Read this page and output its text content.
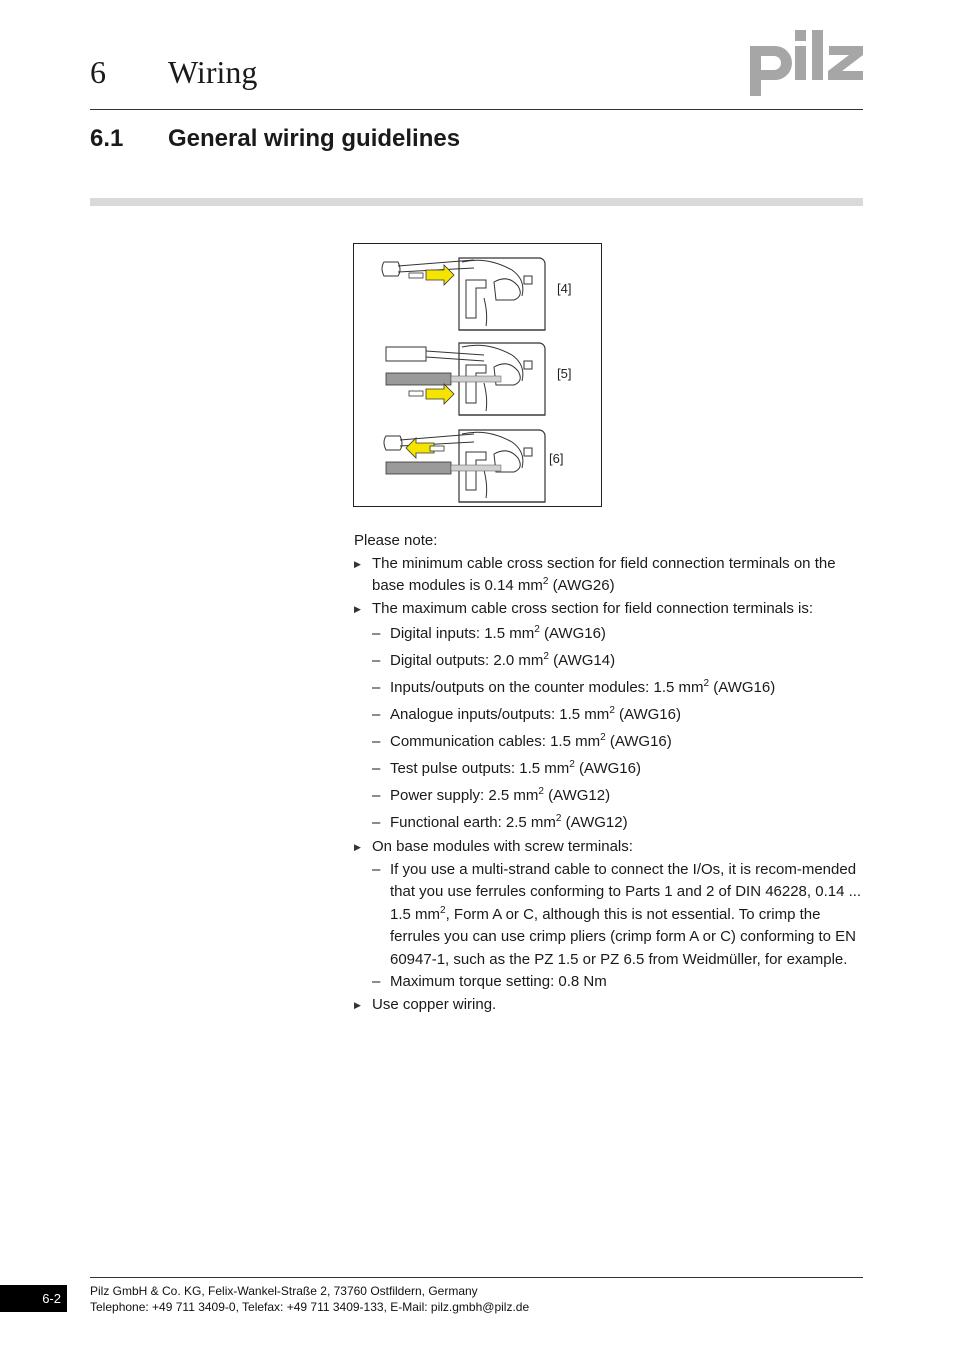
6 Wiring
6.1 General wiring guidelines
[4]
[5]
[6]

Please note:

▶ The minimum cable cross section for field connection terminals on the base modules is 0.14 $mm^2$ (AWG26)
▶ The maximum cable cross section for field connection terminals is:
– Digital inputs: 1.5 $mm^2$ (AWG16)
– Digital outputs: 2.0 $mm^2$ (AWG14)
– Inputs/outputs on the counter modules: 1.5 $mm^2$ (AWG16)
– Analogue inputs/outputs: 1.5 $mm^2$ (AWG16)
– Communication cables: 1.5 $mm^2$ (AWG16)
– Test pulse outputs: 1.5 $mm^2$ (AWG16)
– Power supply: 2.5 $mm^2$ (AWG12)
– Functional earth: 2.5 $mm^2$ (AWG12)
▶ On base modules with screw terminals:
– If you use a multi-strand cable to connect the I/Os, it is recom-mended that you use ferrules conforming to Parts 1 and 2 of DIN 46228, 0.14 ... 1.5 $mm^2$, Form A or C, although this is not essential. To crimp the ferrules you can use crimp pliers (crimp form A or C) conforming to EN 60947-1, such as the PZ 1.5 or PZ 6.5 from Weidmüller, for example.
– Maximum torque setting: 0.8 Nm
▶ Use copper wiring.
6-2	Pilz GmbH & Co. KG, Felix-Wankel-Straße 2, 73760 Ostfildern, Germany
Telephone: +49 711 3409-0, Telefax: +49 711 3409-133, E-Mail: pilz.gmbh@pilz.de
